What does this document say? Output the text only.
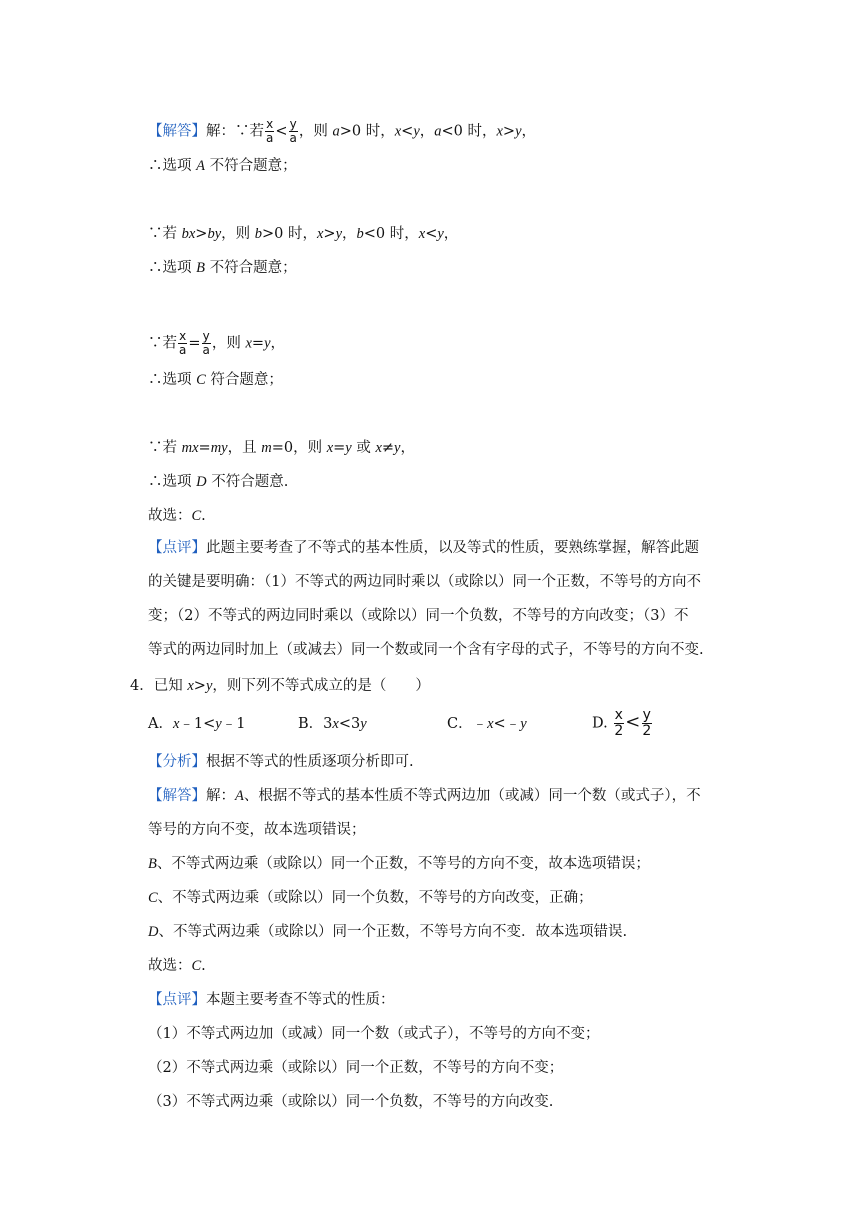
【解答】解：∵若 $\frac{x}{a} < \frac{y}{a}$ ，则 a>0 时，x<y，a<0 时，x>y，
∴选项 A 不符合题意；
∵若 bx>by，则 b>0 时，x>y，b<0 时，x<y，
∴选项 B 不符合题意；
∵若 $\frac{x}{a} = \frac{y}{a}$ ，则 x=y，
∴选项 C 符合题意；
∵若 mx=my，且 m=0，则 x=y 或 x≠y，
∴选项 D 不符合题意.
故选：C.
【点评】此题主要考查了不等式的基本性质，以及等式的性质，要熟练掌握，解答此题
的关键是要明确：（1）不等式的两边同时乘以（或除以）同一个正数，不等号的方向不
变；（2）不等式的两边同时乘以（或除以）同一个负数，不等号的方向改变；（3）不
等式的两边同时加上（或减去）同一个数或同一个含有字母的式子，不等号的方向不变.
4．已知 x>y，则下列不等式成立的是（　　）
A．x﹣1<y﹣1	B．3x<3y	C．﹣x<﹣y	D. $\frac{x}{2} < \frac{y}{2}$
【分析】根据不等式的性质逐项分析即可.
【解答】解：A、根据不等式的基本性质不等式两边加（或减）同一个数（或式子），不
等号的方向不变，故本选项错误；
B、不等式两边乘（或除以）同一个正数，不等号的方向不变，故本选项错误；
C、不等式两边乘（或除以）同一个负数，不等号的方向改变，正确；
D、不等式两边乘（或除以）同一个正数，不等号方向不变．故本选项错误.
故选：C.
【点评】本题主要考查不等式的性质：
（1）不等式两边加（或减）同一个数（或式子），不等号的方向不变；
（2）不等式两边乘（或除以）同一个正数，不等号的方向不变；
（3）不等式两边乘（或除以）同一个负数，不等号的方向改变.
